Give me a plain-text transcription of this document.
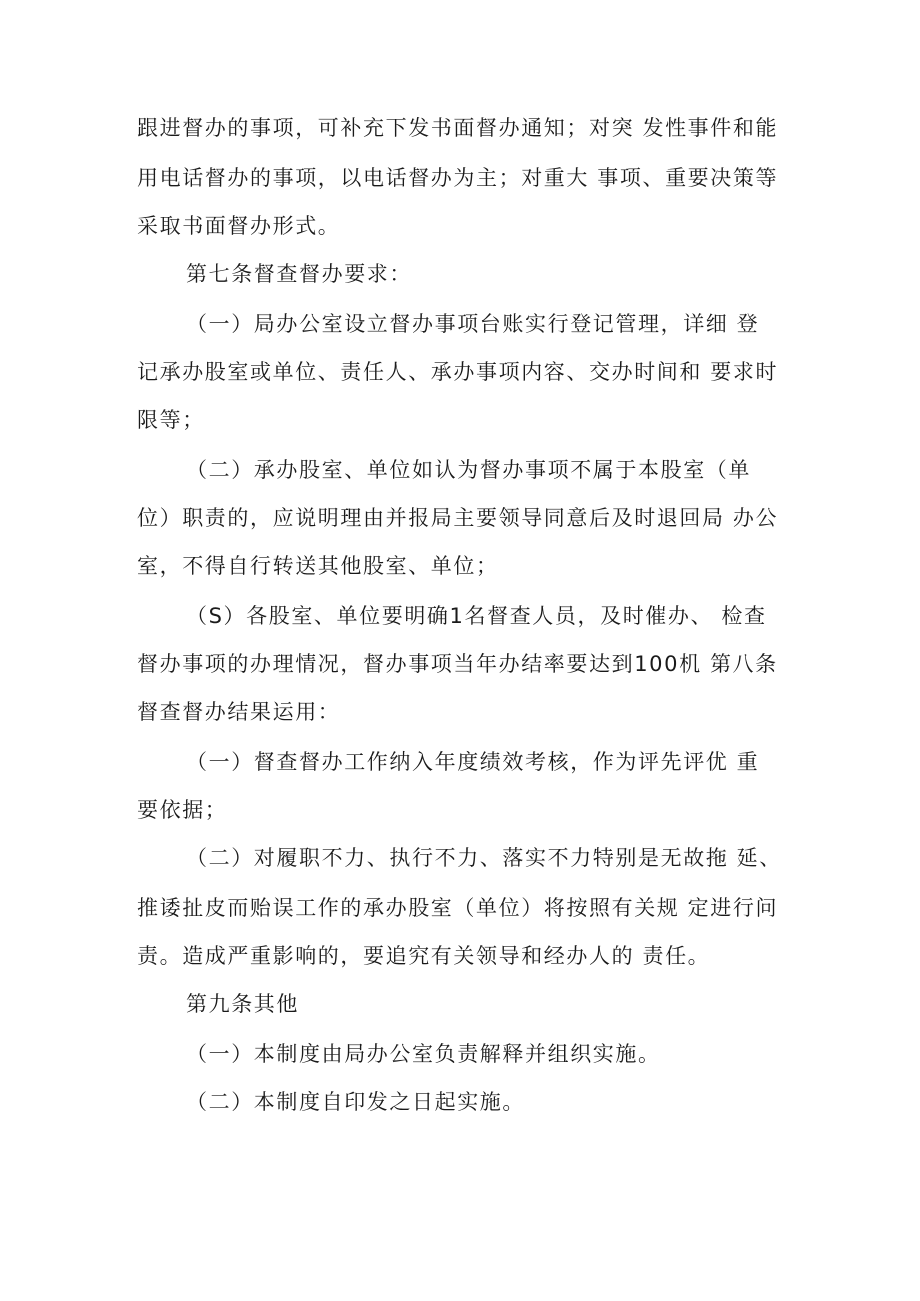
跟进督办的事项，可补充下发书面督办通知；对突 发性事件和能
用电话督办的事项，以电话督办为主；对重大 事项、重要决策等
采取书面督办形式。
第七条督查督办要求：
（一）局办公室设立督办事项台账实行登记管理，详细 登
记承办股室或单位、责任人、承办事项内容、交办时间和 要求时
限等；
（二）承办股室、单位如认为督办事项不属于本股室（单
位）职责的，应说明理由并报局主要领导同意后及时退回局 办公
室，不得自行转送其他股室、单位；
（S）各股室、单位要明确1名督查人员，及时催办、 检查
督办事项的办理情况，督办事项当年办结率要达到100机 第八条
督查督办结果运用：
（一）督查督办工作纳入年度绩效考核，作为评先评优 重
要依据；
（二）对履职不力、执行不力、落实不力特别是无故拖 延、
推诿扯皮而贻误工作的承办股室（单位）将按照有关规 定进行问
责。造成严重影响的，要追究有关领导和经办人的 责任。
第九条其他
（一）本制度由局办公室负责解释并组织实施。
（二）本制度自印发之日起实施。
